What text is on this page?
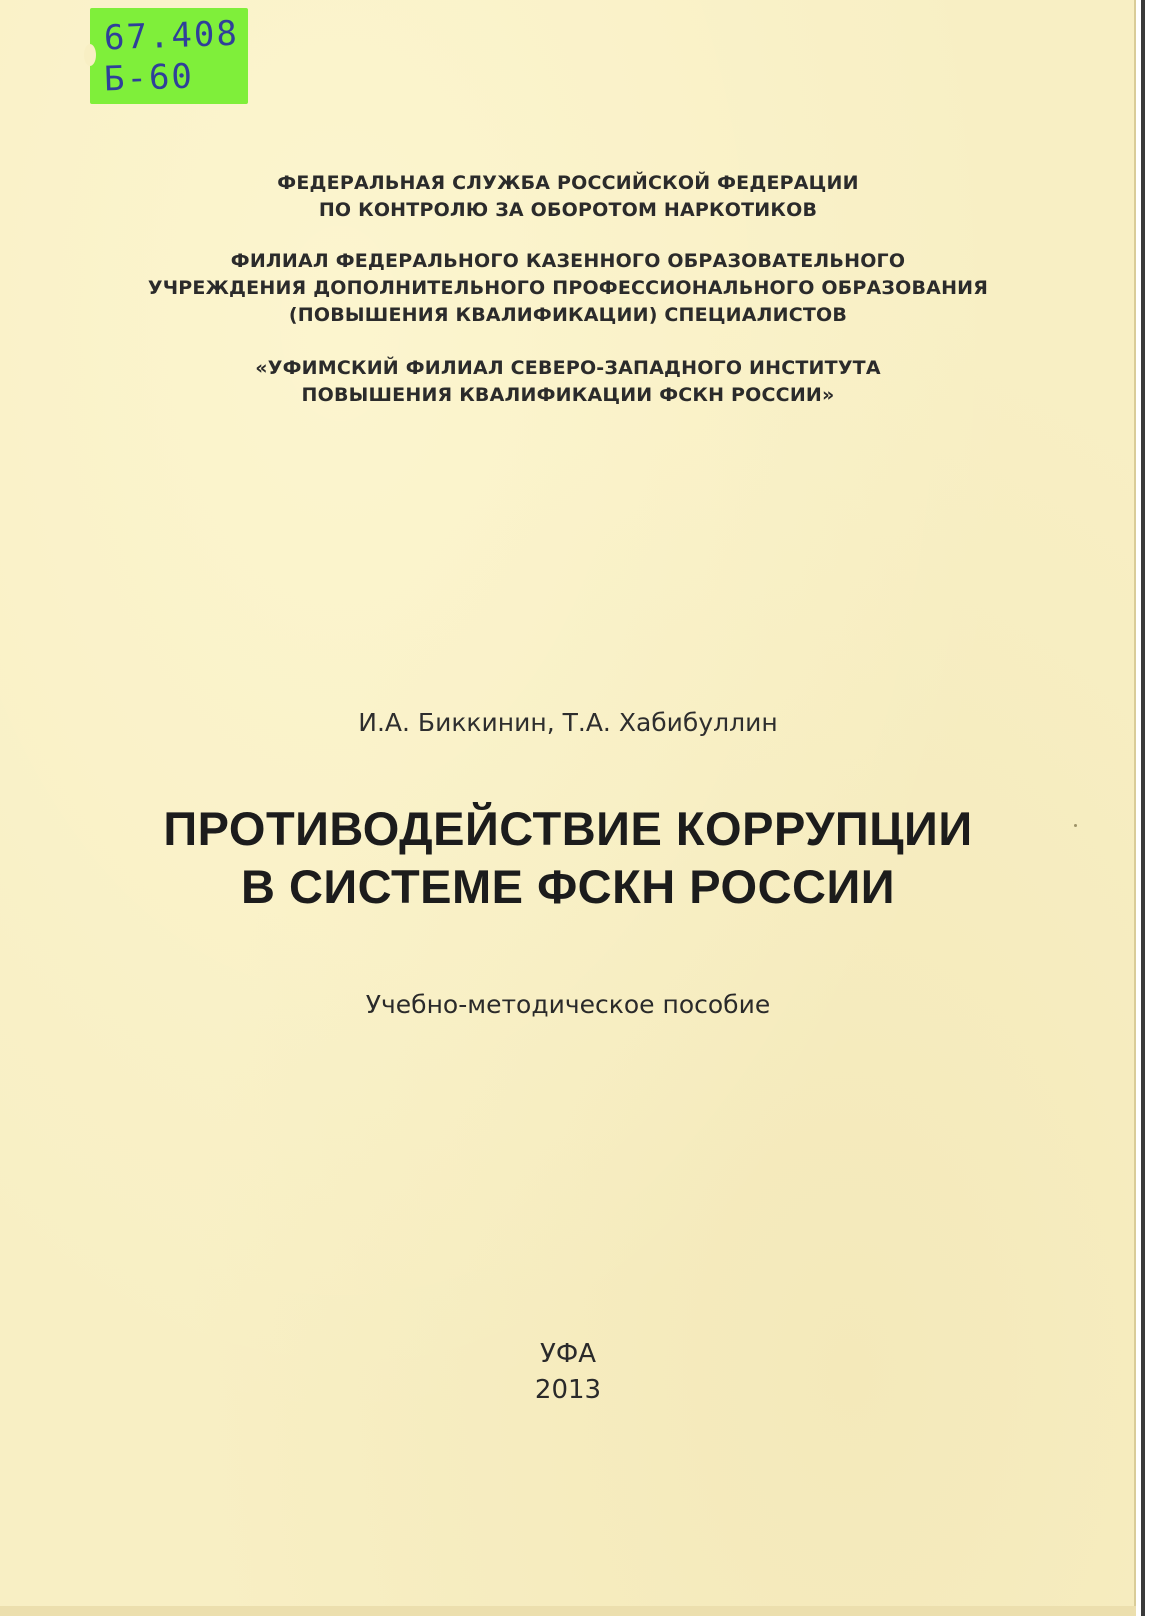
67.408
Б-60
ФЕДЕРАЛЬНАЯ СЛУЖБА РОССИЙСКОЙ ФЕДЕРАЦИИ
ПО КОНТРОЛЮ ЗА ОБОРОТОМ НАРКОТИКОВ
ФИЛИАЛ ФЕДЕРАЛЬНОГО КАЗЕННОГО ОБРАЗОВАТЕЛЬНОГО
УЧРЕЖДЕНИЯ ДОПОЛНИТЕЛЬНОГО ПРОФЕССИОНАЛЬНОГО ОБРАЗОВАНИЯ
(ПОВЫШЕНИЯ КВАЛИФИКАЦИИ) СПЕЦИАЛИСТОВ
«УФИМСКИЙ ФИЛИАЛ СЕВЕРО-ЗАПАДНОГО ИНСТИТУТА
ПОВЫШЕНИЯ КВАЛИФИКАЦИИ ФСКН РОССИИ»
И.А. Биккинин, Т.А. Хабибуллин
ПРОТИВОДЕЙСТВИЕ КОРРУПЦИИ
В СИСТЕМЕ ФСКН РОССИИ
Учебно-методическое пособие
УФА
2013
